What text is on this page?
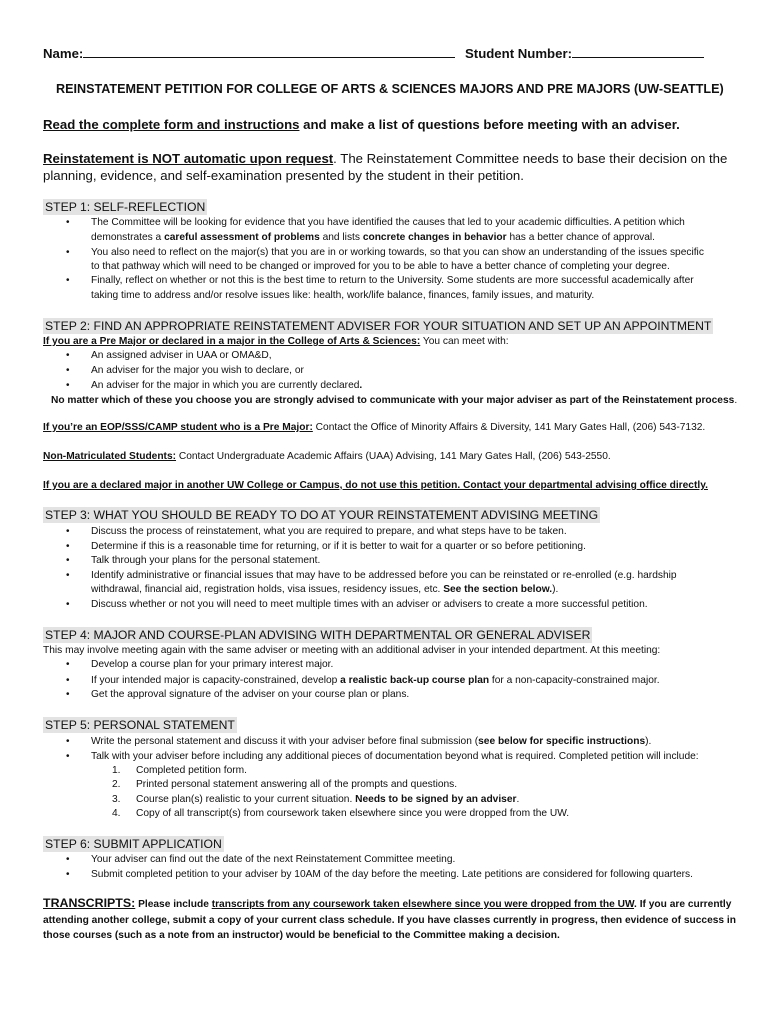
Name:	Student Number:
REINSTATEMENT PETITION FOR COLLEGE OF ARTS & SCIENCES MAJORS AND PRE MAJORS (UW-SEATTLE)
Read the complete form and instructions and make a list of questions before meeting with an adviser.
Reinstatement is NOT automatic upon request. The Reinstatement Committee needs to base their decision on the
planning, evidence, and self-examination presented by the student in their petition.
STEP 1: SELF-REFLECTION
• The Committee will be looking for evidence that you have identified the causes that led to your academic difficulties. A petition which
demonstrates a careful assessment of problems and lists concrete changes in behavior has a better chance of approval.
• You also need to reflect on the major(s) that you are in or working towards, so that you can show an understanding of the issues specific
to that pathway which will need to be changed or improved for you to be able to have a better chance of completing your degree.
• Finally, reflect on whether or not this is the best time to return to the University. Some students are more successful academically after
taking time to address and/or resolve issues like: health, work/life balance, finances, family issues, and maturity.
STEP 2: FIND AN APPROPRIATE REINSTATEMENT ADVISER FOR YOUR SITUATION AND SET UP AN APPOINTMENT
If you are a Pre Major or declared in a major in the College of Arts & Sciences: You can meet with:
• An assigned adviser in UAA or OMA&D,
• An adviser for the major you wish to declare, or
• An adviser for the major in which you are currently declared.
No matter which of these you choose you are strongly advised to communicate with your major adviser as part of the Reinstatement process.
If you’re an EOP/SSS/CAMP student who is a Pre Major: Contact the Office of Minority Affairs & Diversity, 141 Mary Gates Hall, (206) 543-7132.
Non-Matriculated Students: Contact Undergraduate Academic Affairs (UAA) Advising, 141 Mary Gates Hall, (206) 543-2550.
If you are a declared major in another UW College or Campus, do not use this petition. Contact your departmental advising office directly.
STEP 3: WHAT YOU SHOULD BE READY TO DO AT YOUR REINSTATEMENT ADVISING MEETING
• Discuss the process of reinstatement, what you are required to prepare, and what steps have to be taken.
• Determine if this is a reasonable time for returning, or if it is better to wait for a quarter or so before petitioning.
• Talk through your plans for the personal statement.
• Identify administrative or financial issues that may have to be addressed before you can be reinstated or re-enrolled (e.g. hardship
withdrawal, financial aid, registration holds, visa issues, residency issues, etc. See the section below.).
• Discuss whether or not you will need to meet multiple times with an adviser or advisers to create a more successful petition.
STEP 4: MAJOR AND COURSE-PLAN ADVISING WITH DEPARTMENTAL OR GENERAL ADVISER
This may involve meeting again with the same adviser or meeting with an additional adviser in your intended department. At this meeting:
• Develop a course plan for your primary interest major.
• If your intended major is capacity-constrained, develop a realistic back-up course plan for a non-capacity-constrained major.
• Get the approval signature of the adviser on your course plan or plans.
STEP 5: PERSONAL STATEMENT
• Write the personal statement and discuss it with your adviser before final submission (see below for specific instructions).
• Talk with your adviser before including any additional pieces of documentation beyond what is required. Completed petition will include:
1. Completed petition form.
2. Printed personal statement answering all of the prompts and questions.
3. Course plan(s) realistic to your current situation. Needs to be signed by an adviser.
4. Copy of all transcript(s) from coursework taken elsewhere since you were dropped from the UW.
STEP 6: SUBMIT APPLICATION
• Your adviser can find out the date of the next Reinstatement Committee meeting.
• Submit completed petition to your adviser by 10AM of the day before the meeting. Late petitions are considered for following quarters.
TRANSCRIPTS: Please include transcripts from any coursework taken elsewhere since you were dropped from the UW. If you are currently
attending another college, submit a copy of your current class schedule. If you have classes currently in progress, then evidence of success in
those courses (such as a note from an instructor) would be beneficial to the Committee making a decision.
